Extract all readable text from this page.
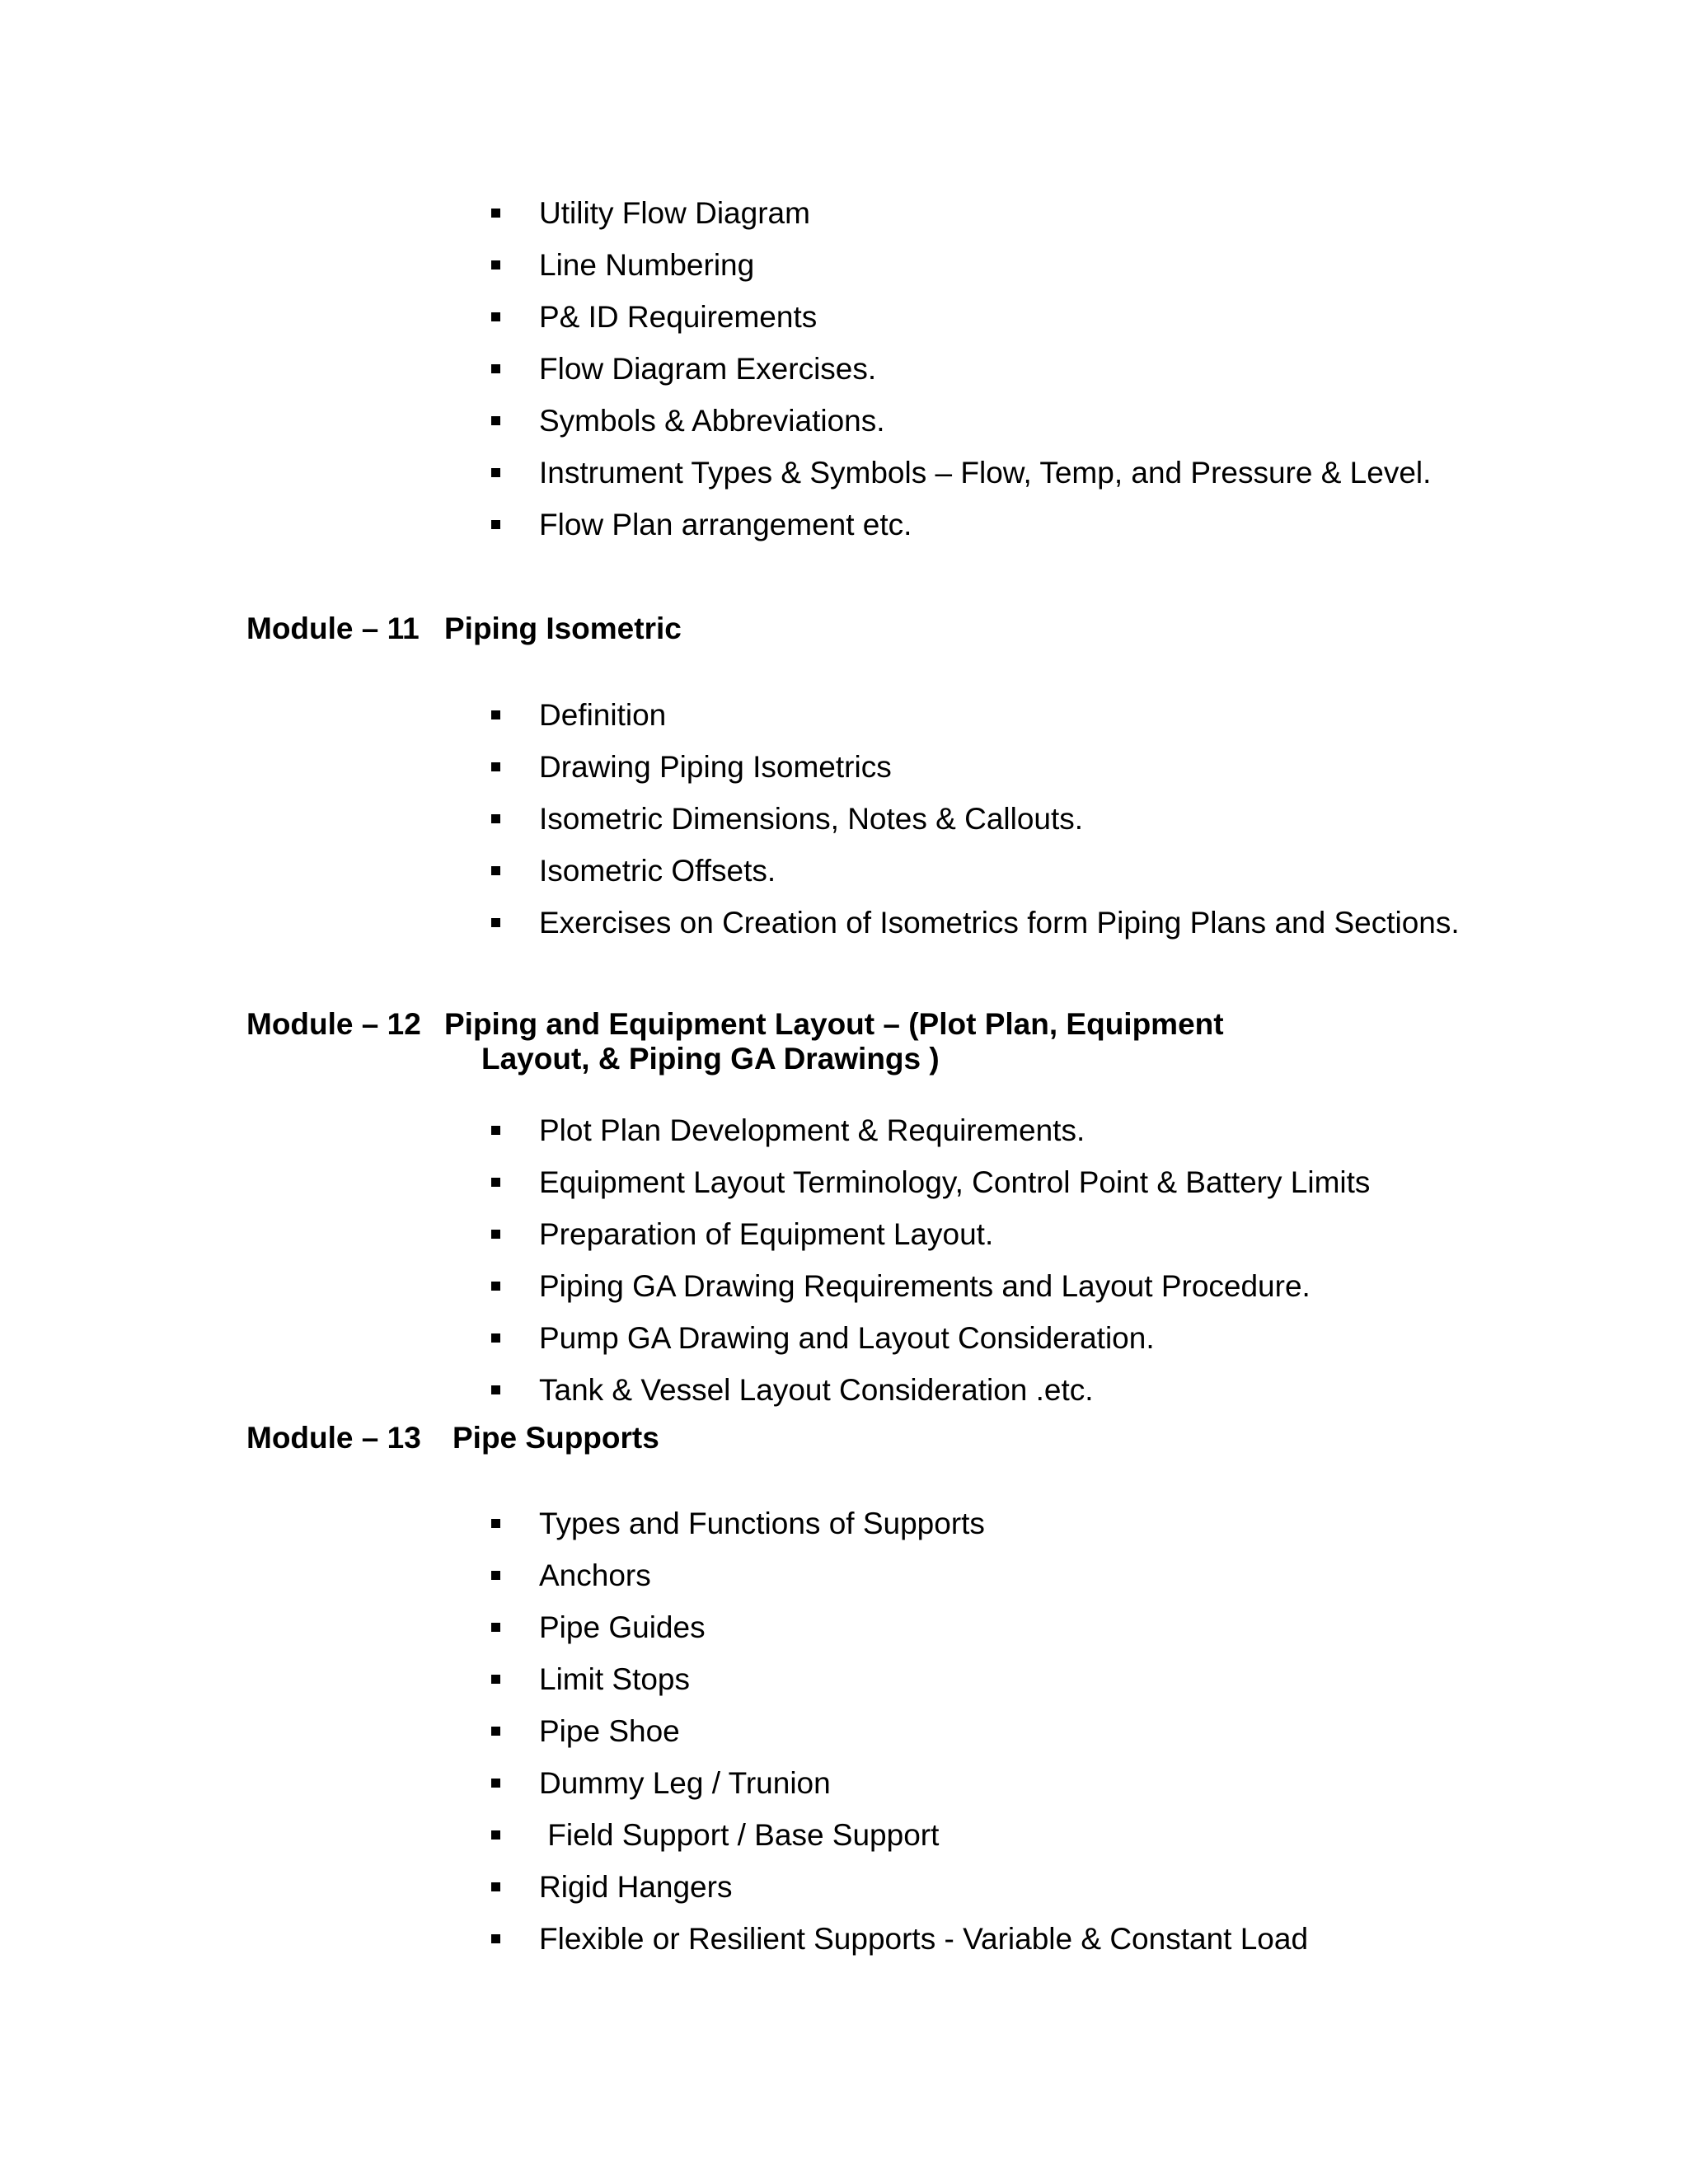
Utility Flow Diagram
Line Numbering
P& ID Requirements
Flow Diagram Exercises.
Symbols & Abbreviations.
Instrument Types & Symbols – Flow, Temp, and Pressure & Level.
Flow Plan arrangement etc.
Module – 11 Piping Isometric
Definition
Drawing Piping Isometrics
Isometric Dimensions, Notes & Callouts.
Isometric Offsets.
Exercises on Creation of Isometrics form Piping Plans and Sections.
Module – 12 Piping and Equipment Layout – (Plot Plan, Equipment
Layout, & Piping GA Drawings )
Plot Plan Development & Requirements.
Equipment Layout Terminology, Control Point & Battery Limits
Preparation of Equipment Layout.
Piping GA Drawing Requirements and Layout Procedure.
Pump GA Drawing and Layout Consideration.
Tank & Vessel Layout Consideration .etc.
Module – 13 Pipe Supports
Types and Functions of Supports
Anchors
Pipe Guides
Limit Stops
Pipe Shoe
Dummy Leg / Trunion
Field Support / Base Support
Rigid Hangers
Flexible or Resilient Supports - Variable & Constant Load
